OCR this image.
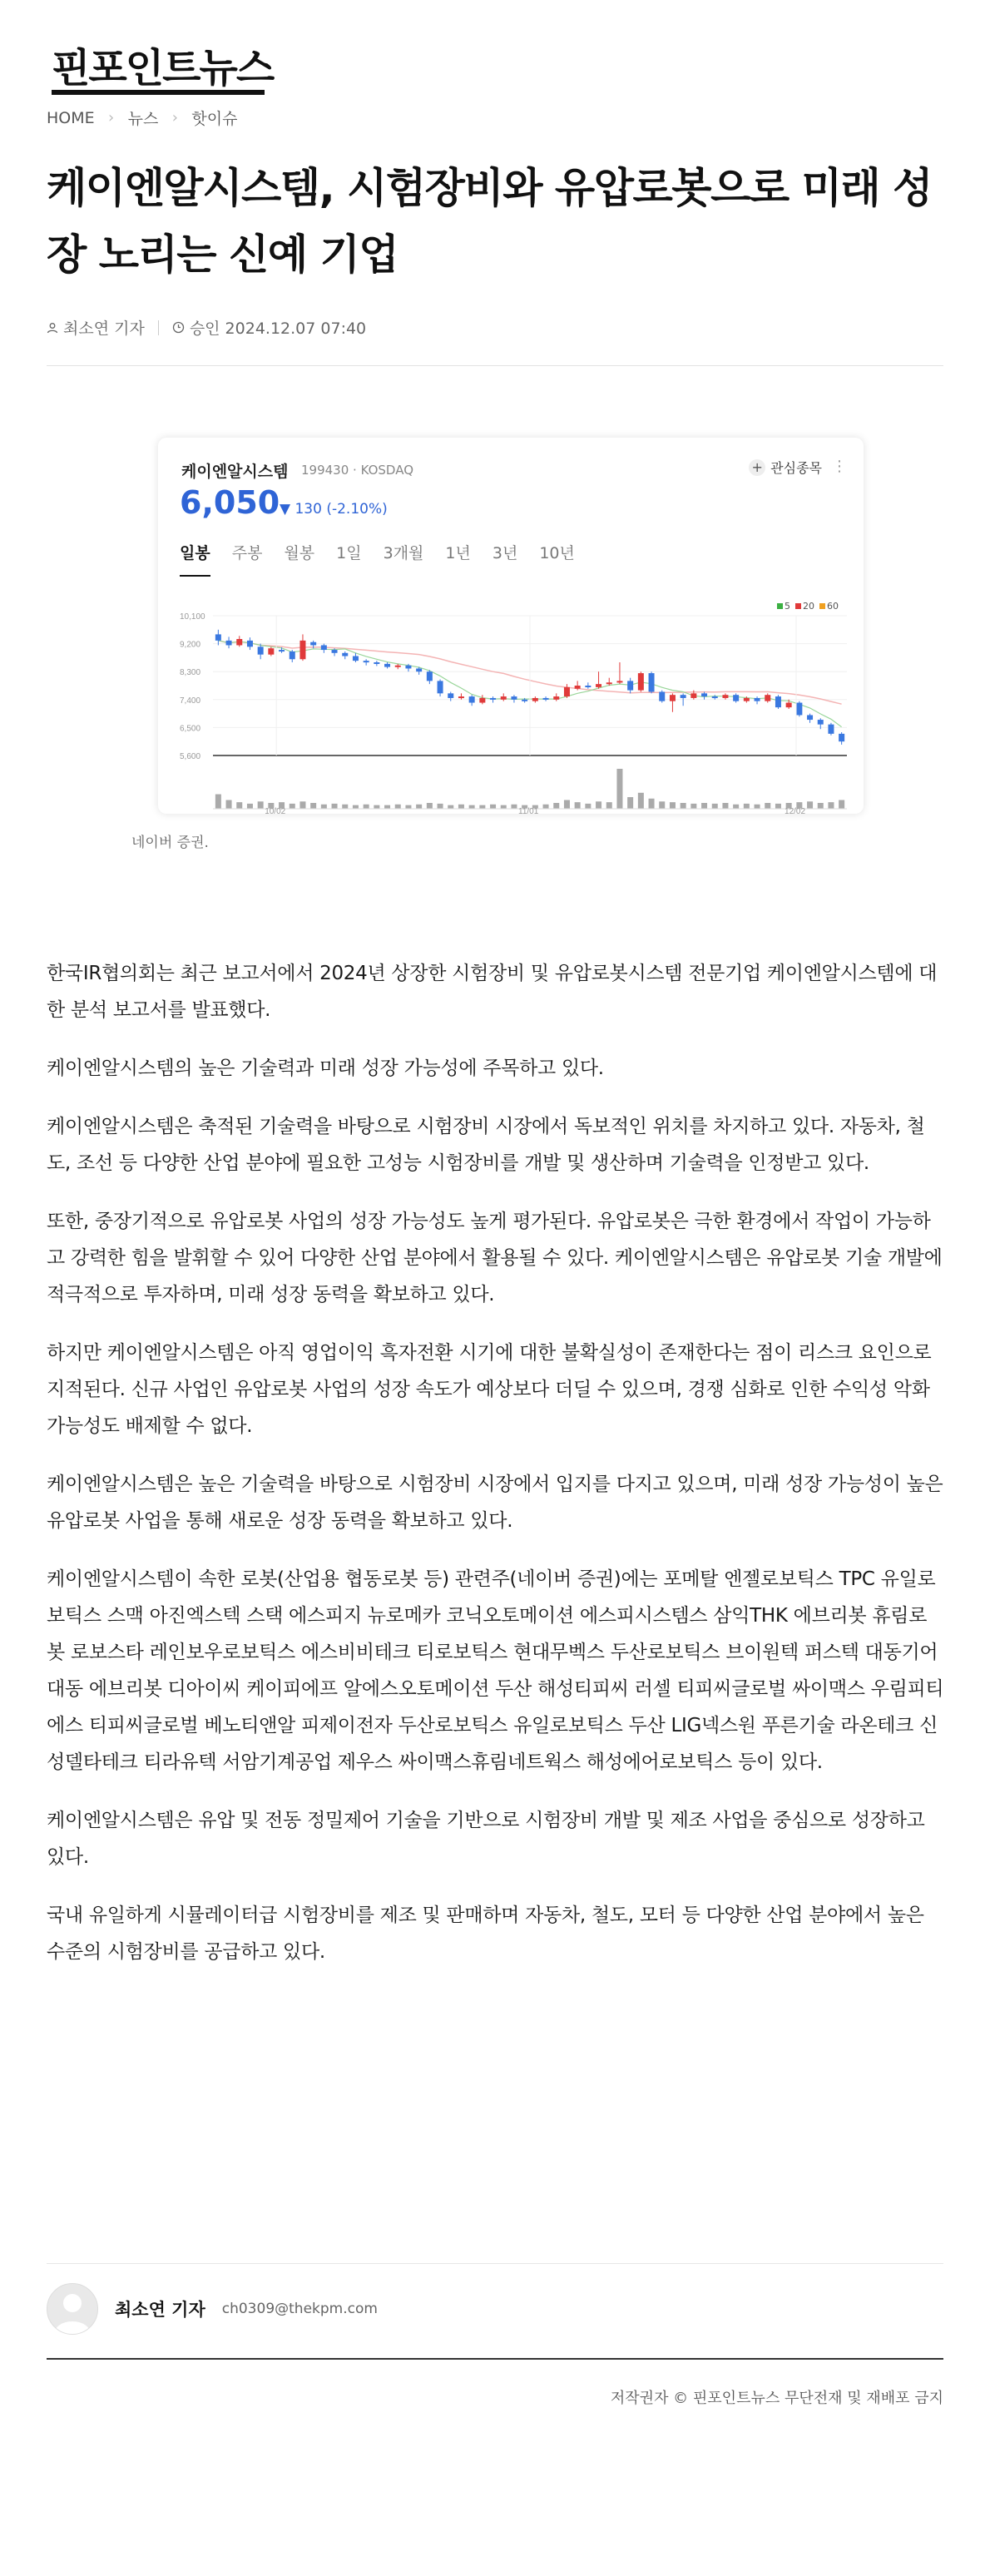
핀포인트뉴스
HOME › 뉴스 › 핫이슈
케이엔알시스템, 시험장비와 유압로봇으로 미래 성장 노리는 신예 기업
최소연 기자	승인 2024.12.07 07:40
케이엔알시스템 199430 · KOSDAQ	+ 관심종목 ⋮
6,050 ▼ 130 (-2.10%)
일봉 주봉 월봉 1일 3개월 1년 3년 10년
5	20	60
10,100
9,200
8,300
7,400
6,500
5,600
10/02	11/01	12/02
네이버 증권.

한국IR협의회는 최근 보고서에서 2024년 상장한 시험장비 및 유압로봇시스템 전문기업 케이엔알시스템에 대한 분석 보고서를 발표했다.

케이엔알시스템의 높은 기술력과 미래 성장 가능성에 주목하고 있다.

케이엔알시스템은 축적된 기술력을 바탕으로 시험장비 시장에서 독보적인 위치를 차지하고 있다. 자동차, 철도, 조선 등 다양한 산업 분야에 필요한 고성능 시험장비를 개발 및 생산하며 기술력을 인정받고 있다.

또한, 중장기적으로 유압로봇 사업의 성장 가능성도 높게 평가된다. 유압로봇은 극한 환경에서 작업이 가능하고 강력한 힘을 발휘할 수 있어 다양한 산업 분야에서 활용될 수 있다. 케이엔알시스템은 유압로봇 기술 개발에 적극적으로 투자하며, 미래 성장 동력을 확보하고 있다.

하지만 케이엔알시스템은 아직 영업이익 흑자전환 시기에 대한 불확실성이 존재한다는 점이 리스크 요인으로 지적된다. 신규 사업인 유압로봇 사업의 성장 속도가 예상보다 더딜 수 있으며, 경쟁 심화로 인한 수익성 악화 가능성도 배제할 수 없다.

케이엔알시스템은 높은 기술력을 바탕으로 시험장비 시장에서 입지를 다지고 있으며, 미래 성장 가능성이 높은 유압로봇 사업을 통해 새로운 성장 동력을 확보하고 있다.

케이엔알시스템이 속한 로봇(산업용 협동로봇 등) 관련주(네이버 증권)에는 포메탈 엔젤로보틱스 TPC 유일로보틱스 스맥 아진엑스텍 스택 에스피지 뉴로메카 코닉오토메이션 에스피시스템스 삼익THK 에브리봇 휴림로봇 로보스타 레인보우로보틱스 에스비비테크 티로보틱스 현대무벡스 두산로보틱스 브이원텍 퍼스텍 대동기어 대동 에브리봇 디아이씨 케이피에프 알에스오토메이션 두산 해성티피씨 러셀 티피씨글로벌 싸이맥스 우림피티에스 티피씨글로벌 베노티앤알 피제이전자 두산로보틱스 유일로보틱스 두산 LIG넥스원 푸른기술 라온테크 신성델타테크 티라유텍 서암기계공업 제우스 싸이맥스휴림네트웍스 해성에어로보틱스 등이 있다.

케이엔알시스템은 유압 및 전동 정밀제어 기술을 기반으로 시험장비 개발 및 제조 사업을 중심으로 성장하고 있다.

국내 유일하게 시뮬레이터급 시험장비를 제조 및 판매하며 자동차, 철도, 모터 등 다양한 산업 분야에서 높은 수준의 시험장비를 공급하고 있다.

최소연 기자 ch0309@thekpm.com
저작권자 © 핀포인트뉴스 무단전재 및 재배포 금지
